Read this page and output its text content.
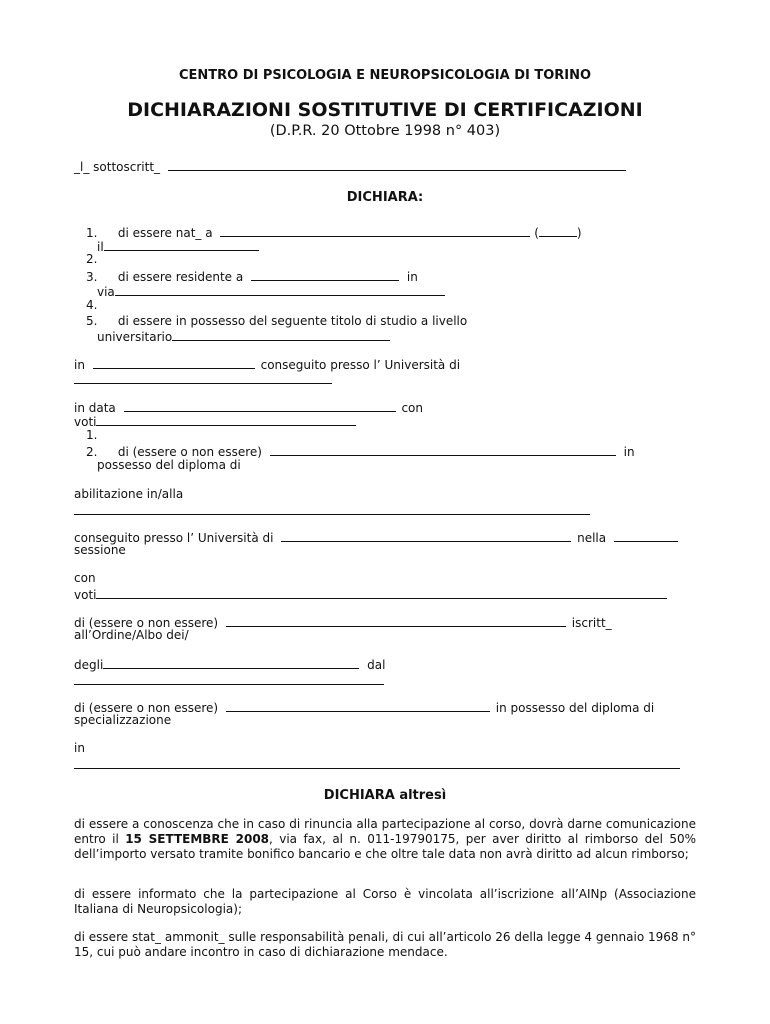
CENTRO DI PSICOLOGIA E NEUROPSICOLOGIA DI TORINO
DICHIARAZIONI SOSTITUTIVE DI CERTIFICAZIONI
(D.P.R. 20 Ottobre 1998 n° 403)
_l_ sottoscritt_
DICHIARA:
1. di essere nat_ a	(	)
il
2.
3. di essere residente a	in
via
4.
5. di essere in possesso del seguente titolo di studio a livello
universitario
in	conseguito presso l’ Università di
in data	con
voti
1.
2. di (essere o non essere)	in
possesso del diploma di
abilitazione in/alla
conseguito presso l’ Università di	nella
sessione
con
voti
di (essere o non essere)	iscritt_
all’Ordine/Albo dei/
degli	dal
di (essere o non essere)	in possesso del diploma di
specializzazione
in
DICHIARA altresì
di essere a conoscenza che in caso di rinuncia alla partecipazione al corso, dovrà darne comunicazione entro il 15 SETTEMBRE 2008, via fax, al n. 011-19790175, per aver diritto al rimborso del 50% dell’importo versato tramite bonifico bancario e che oltre tale data non avrà diritto ad alcun rimborso;
di essere informato che la partecipazione al Corso è vincolata all’iscrizione all’AINp (Associazione Italiana di Neuropsicologia);
di essere stat_ ammonit_ sulle responsabilità penali, di cui all’articolo 26 della legge 4 gennaio 1968 n° 15, cui può andare incontro in caso di dichiarazione mendace.
